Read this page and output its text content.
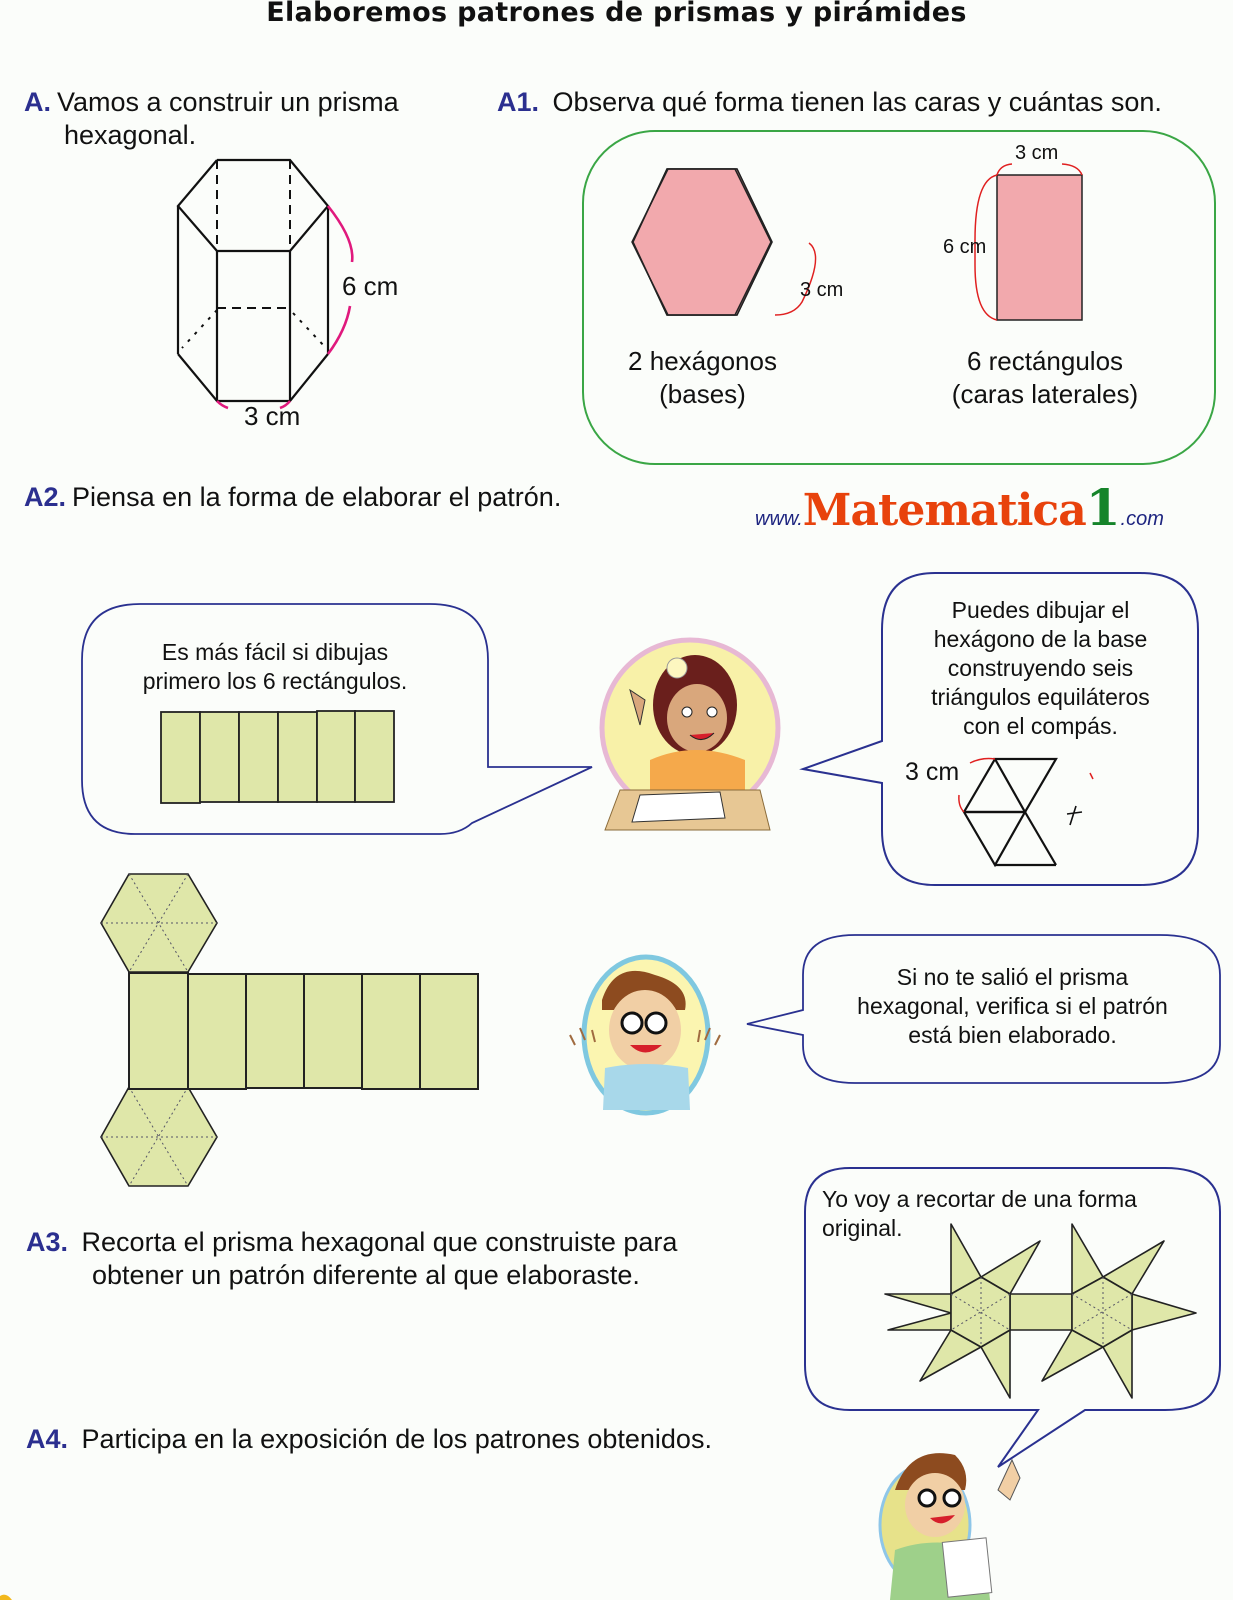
Elaboremos patrones de prismas y pirámides
A. Vamos a construir un prisma
hexagonal.
6 cm
3 cm
A1. Observa qué forma tienen las caras y cuántas son.
3 cm
3 cm
6 cm
2 hexágonos
(bases)
6 rectángulos
(caras laterales)
A2. Piensa en la forma de elaborar el patrón.
www.Matematica1.com
Es más fácil si dibujas
primero los 6 rectángulos.
Puedes dibujar el
hexágono de la base
construyendo seis
triángulos equiláteros
con el compás.
3 cm
Si no te salió el prisma
hexagonal, verifica si el patrón
está bien elaborado.
A3. Recorta el prisma hexagonal que construiste para
obtener un patrón diferente al que elaboraste.
Yo voy a recortar de una forma
original.
A4. Participa en la exposición de los patrones obtenidos.
